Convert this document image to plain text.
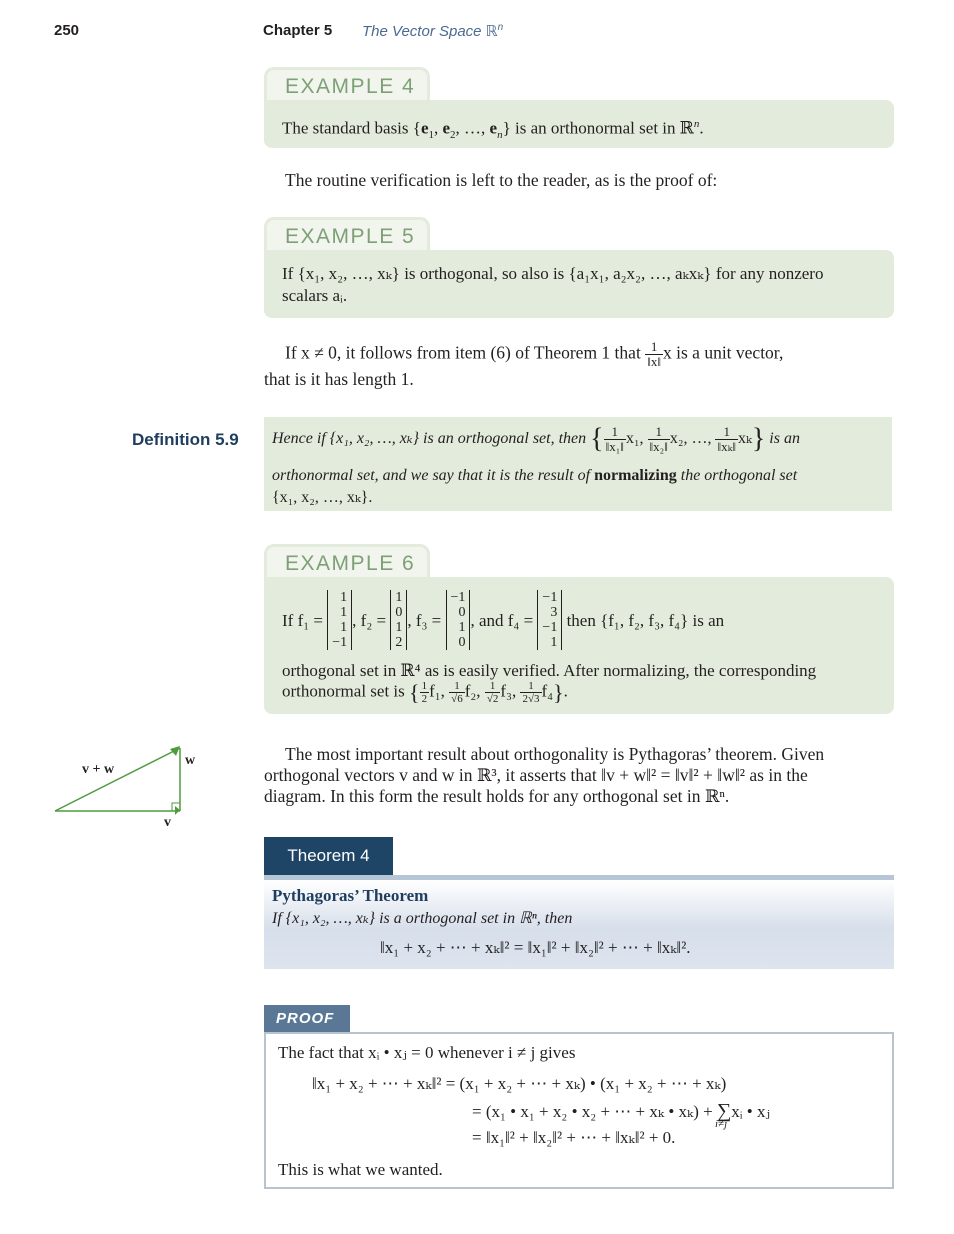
250	Chapter 5 The Vector Space ℝ$^n$
EXAMPLE 4
The standard basis {$e_1$, $e_2$, …, $e_n$} is an orthonormal set in ℝ$^n$.
The routine verification is left to the reader, as is the proof of:
EXAMPLE 5
If {x₁, x₂, …, xₖ} is orthogonal, so also is {a₁x₁, a₂x₂, …, aₖxₖ} for any nonzero
scalars aᵢ.
If x ≠ 0, it follows from item (6) of Theorem 1 that $\frac{1}{‖x‖}$ x is a unit vector,
that is it has length 1.
Definition 5.9 Hence if {x₁, x₂, …, xₖ} is an orthogonal set, then { $\frac{1}{\text{‖x₁‖}} x_1$, $\frac{1}{\text{‖x₂‖}} x_2$, …, $\frac{1}{\text{‖xₖ‖}} x_k$} is an
orthonormal set, and we say that it is the result of normalizing the orthogonal set
{x₁, x₂, …, xₖ}.
EXAMPLE 6
If f₁ =

1
1
1
−1
, f₂ =

1
0
1
2
, f₃ =

−1
0
1
0
, and f₄ =

−1
3
−1
1

then {f₁, f₂, f₃, f₄} is an
orthogonal set in ℝ⁴ as is easily verified. After normalizing, the corresponding
orthonormal set is { $\frac{1}{2} f_1$, $\frac{1}{√6} f_2$, $\frac{1}{√2} f_3$, $\frac{1}{2√3} f_4$}.
v + w
w
v
The most important result about orthogonality is Pythagoras’ theorem. Given
orthogonal vectors v and w in ℝ³, it asserts that ‖v + w‖² = ‖v‖² + ‖w‖² as in the
diagram. In this form the result holds for any orthogonal set in ℝⁿ.
Theorem 4
Pythagoras’ Theorem
If {x₁, x₂, …, xₖ} is a orthogonal set in ℝⁿ, then
‖x₁ + x₂ + ⋯ + xₖ‖² = ‖x₁‖² + ‖x₂‖² + ⋯ + ‖xₖ‖².
PROOF
The fact that xᵢ • xⱼ = 0 whenever i ≠ j gives
‖x₁ + x₂ + ⋯ + xₖ‖² = (x₁ + x₂ + ⋯ + xₖ) • (x₁ + x₂ + ⋯ + xₖ)
= (x₁ • x₁ + x₂ • x₂ + ⋯ + xₖ • xₖ) + ∑
i≠j
xᵢ • xⱼ
= ‖x₁‖² + ‖x₂‖² + ⋯ + ‖xₖ‖² + 0.
This is what we wanted.
